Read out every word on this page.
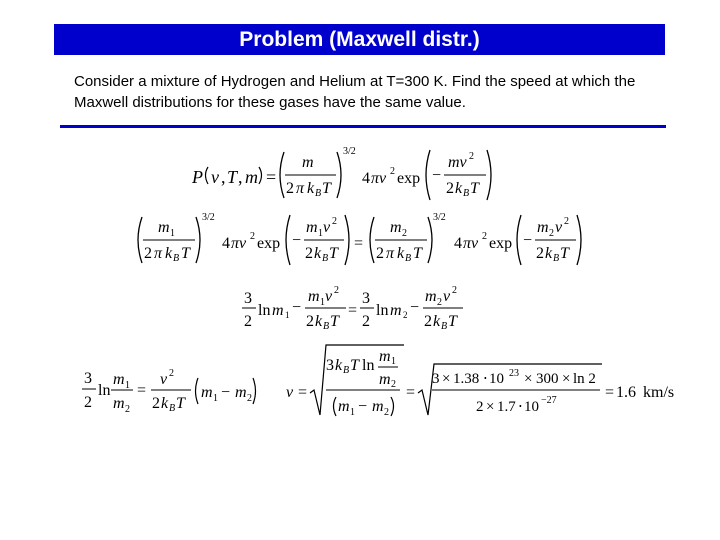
Problem (Maxwell distr.)
Consider a mixture of Hydrogen and Helium at T=300 K. Find the speed at which the Maxwell distributions for these gases have the same value.
P v , T , m =
m
2 π k B T
3/2
4 πv 2 exp −
mv 2
2 k B T
m 1
2 π k B T
3/2
4 πv 2 exp −
m 1 ν 2
2 k B T
=
m 2
2 π k B T
3/2
4 πv 2 exp −
m 2 v 2
2 k B T
3
2
ln m 1 −
m 1 ν 2
2 k B T
=
3
2
ln m 2 −
m 2 ν 2
2 k B T
3
2
ln
m 1
m 2
=
v 2
2 k B T
m 1 − m 2 v =
3 k B T ln
m 1
m 2
m 1 − m 2
=
3 × 1.38 ⋅ 10 23 × 300 × ln 2
2 × 1.7 ⋅ 10 −27	= 1.6 km/s
